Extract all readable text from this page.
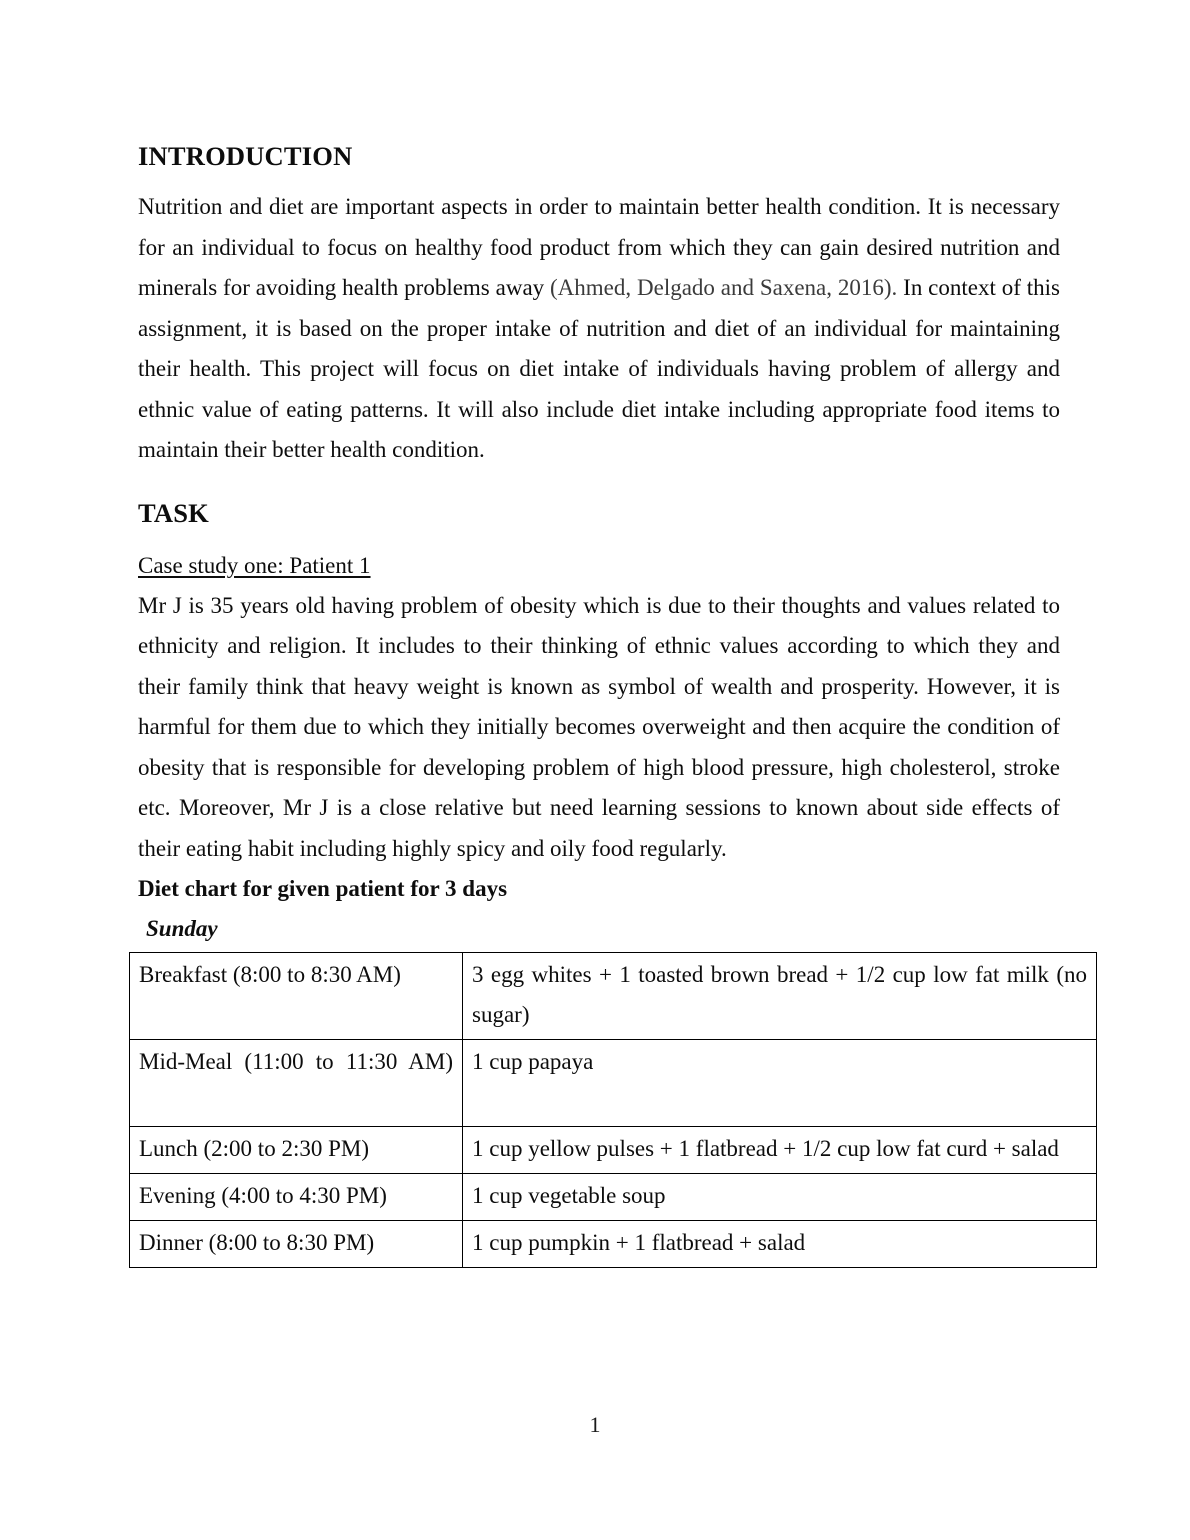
INTRODUCTION

Nutrition and diet are important aspects in order to maintain better health condition. It is necessary for an individual to focus on healthy food product from which they can gain desired nutrition and minerals for avoiding health problems away (Ahmed, Delgado and Saxena, 2016). In context of this assignment, it is based on the proper intake of nutrition and diet of an individual for maintaining their health. This project will focus on diet intake of individuals having problem of allergy and ethnic value of eating patterns. It will also include diet intake including appropriate food items to maintain their better health condition.

TASK

Case study one: Patient 1

Mr J is 35 years old having problem of obesity which is due to their thoughts and values related to ethnicity and religion. It includes to their thinking of ethnic values according to which they and their family think that heavy weight is known as symbol of wealth and prosperity. However, it is harmful for them due to which they initially becomes overweight and then acquire the condition of obesity that is responsible for developing problem of high blood pressure, high cholesterol, stroke etc. Moreover, Mr J is a close relative but need learning sessions to known about side effects of their eating habit including highly spicy and oily food regularly.

Diet chart for given patient for 3 days

Sunday

Breakfast (8:00 to 8:30 AM)	3 egg whites + 1 toasted brown bread + 1/2 cup low fat milk (no sugar)

Mid-Meal (11:00 to 11:30 AM)	1 cup papaya
Lunch (2:00 to 2:30 PM)	1 cup yellow pulses + 1 flatbread + 1/2 cup low fat curd + salad
Evening (4:00 to 4:30 PM)	1 cup vegetable soup
Dinner (8:00 to 8:30 PM)	1 cup pumpkin + 1 flatbread + salad
1
